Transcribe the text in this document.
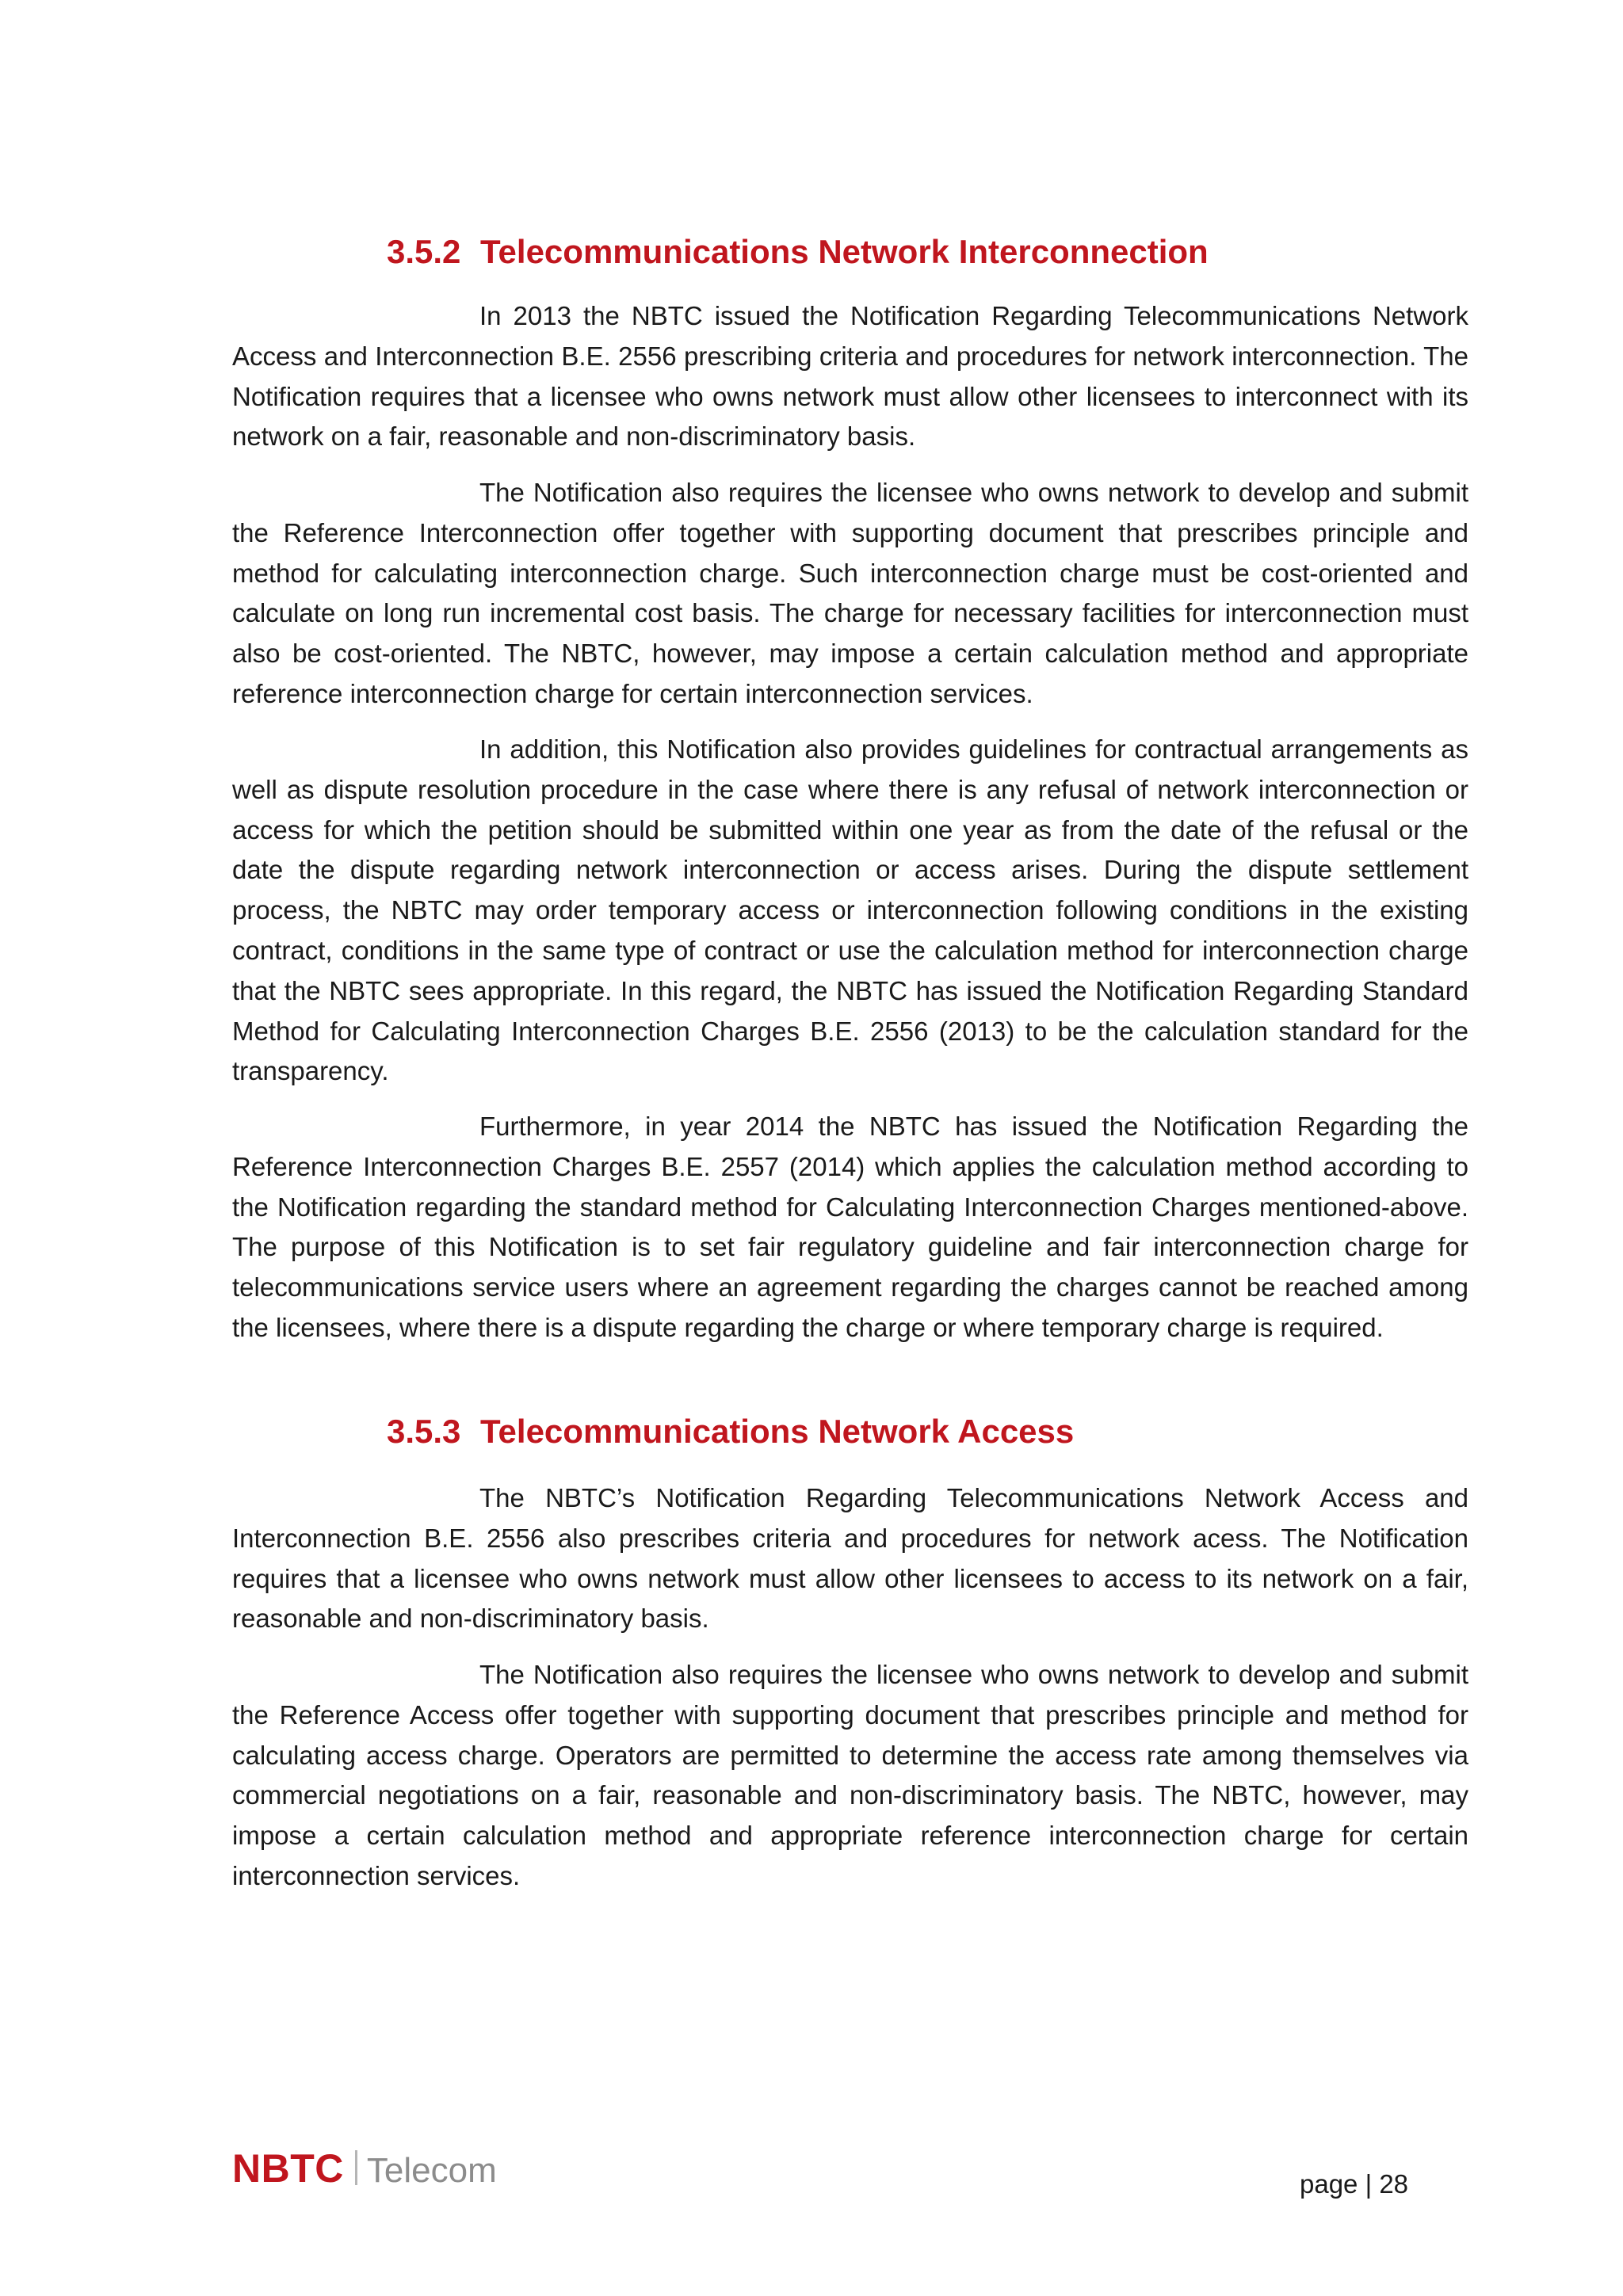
3.5.2 Telecommunications Network Interconnection

In 2013 the NBTC issued the Notification Regarding Telecommunications Network Access and Interconnection B.E. 2556 prescribing criteria and procedures for network interconnection. The Notification requires that a licensee who owns network must allow other licensees to interconnect with its network on a fair, reasonable and non-discriminatory basis.

The Notification also requires the licensee who owns network to develop and submit the Reference Interconnection offer together with supporting document that prescribes principle and method for calculating interconnection charge. Such interconnection charge must be cost-oriented and calculate on long run incremental cost basis. The charge for necessary facilities for interconnection must also be cost-oriented. The NBTC, however, may impose a certain calculation method and appropriate reference interconnection charge for certain interconnection services.

In addition, this Notification also provides guidelines for contractual arrangements as well as dispute resolution procedure in the case where there is any refusal of network interconnection or access for which the petition should be submitted within one year as from the date of the refusal or the date the dispute regarding network interconnection or access arises. During the dispute settlement process, the NBTC may order temporary access or interconnection following conditions in the existing contract, conditions in the same type of contract or use the calculation method for interconnection charge that the NBTC sees appropriate. In this regard, the NBTC has issued the Notification Regarding Standard Method for Calculating Interconnection Charges B.E. 2556 (2013) to be the calculation standard for the transparency.

Furthermore, in year 2014 the NBTC has issued the Notification Regarding the Reference Interconnection Charges B.E. 2557 (2014) which applies the calculation method according to the Notification regarding the standard method for Calculating Interconnection Charges mentioned-above. The purpose of this Notification is to set fair regulatory guideline and fair interconnection charge for telecommunications service users where an agreement regarding the charges cannot be reached among the licensees, where there is a dispute regarding the charge or where temporary charge is required.

3.5.3 Telecommunications Network Access

The NBTC’s Notification Regarding Telecommunications Network Access and Interconnection B.E. 2556 also prescribes criteria and procedures for network acess. The Notification requires that a licensee who owns network must allow other licensees to access to its network on a fair, reasonable and non-discriminatory basis.

The Notification also requires the licensee who owns network to develop and submit the Reference Access offer together with supporting document that prescribes principle and method for calculating access charge. Operators are permitted to determine the access rate among themselves via commercial negotiations on a fair, reasonable and non-discriminatory basis. The NBTC, however, may impose a certain calculation method and appropriate reference interconnection charge for certain interconnection services.

NBTC Telecom	page | 28
